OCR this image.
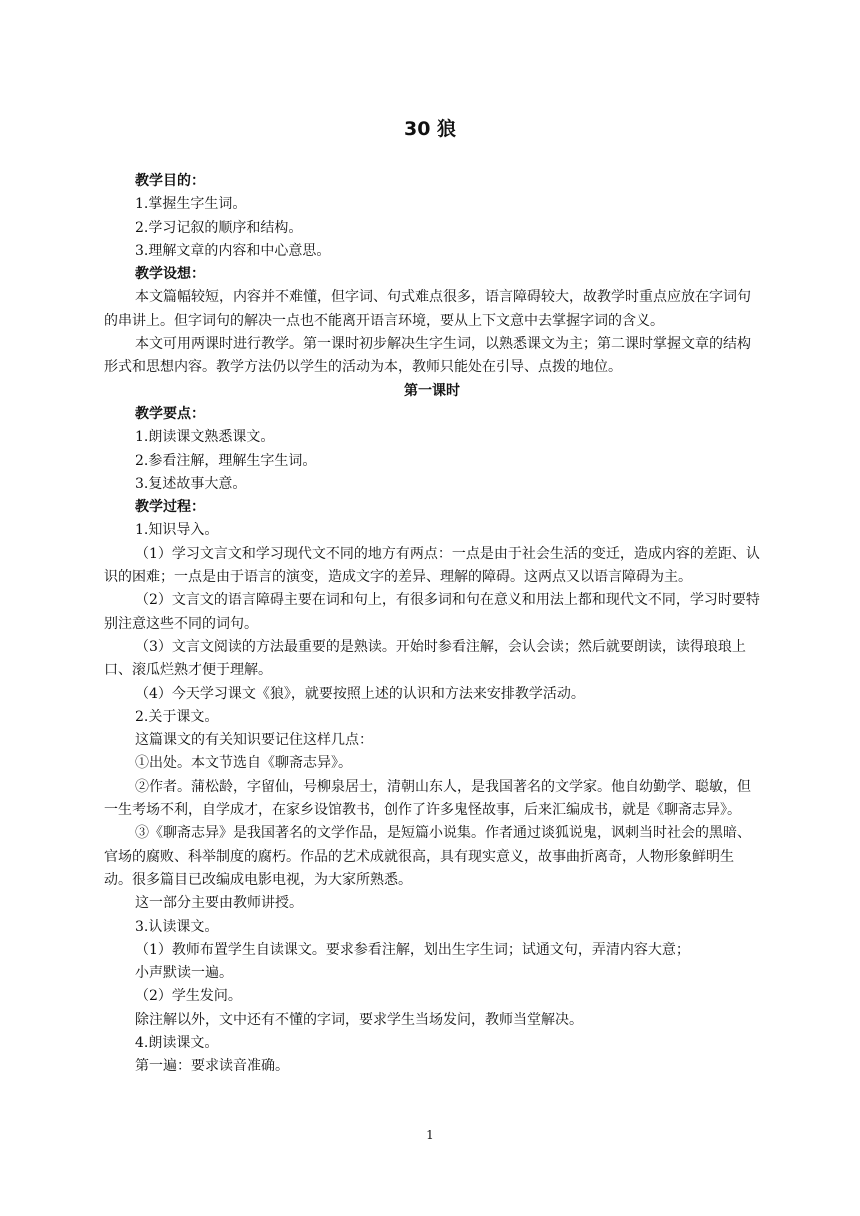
30 狼

教学目的：

1.掌握生字生词。

2.学习记叙的顺序和结构。

3.理解文章的内容和中心意思。

教学设想：

本文篇幅较短，内容并不难懂，但字词、句式难点很多，语言障碍较大，故教学时重点应放在字词句的串讲上。但字词句的解决一点也不能离开语言环境，要从上下文意中去掌握字词的含义。

本文可用两课时进行教学。第一课时初步解决生字生词，以熟悉课文为主；第二课时掌握文章的结构形式和思想内容。教学方法仍以学生的活动为本，教师只能处在引导、点拨的地位。

第一课时

教学要点：

1.朗读课文熟悉课文。

2.参看注解，理解生字生词。

3.复述故事大意。

教学过程：

1.知识导入。

（1）学习文言文和学习现代文不同的地方有两点：一点是由于社会生活的变迁，造成内容的差距、认识的困难；一点是由于语言的演变，造成文字的差异、理解的障碍。这两点又以语言障碍为主。

（2）文言文的语言障碍主要在词和句上，有很多词和句在意义和用法上都和现代文不同，学习时要特别注意这些不同的词句。

（3）文言文阅读的方法最重要的是熟读。开始时参看注解，会认会读；然后就要朗读，读得琅琅上口、滚瓜烂熟才便于理解。

（4）今天学习课文《狼》，就要按照上述的认识和方法来安排教学活动。

2.关于课文。

这篇课文的有关知识要记住这样几点：

①出处。本文节选自《聊斋志异》。

②作者。蒲松龄，字留仙，号柳泉居士，清朝山东人，是我国著名的文学家。他自幼勤学、聪敏，但一生考场不利，自学成才，在家乡设馆教书，创作了许多鬼怪故事，后来汇编成书，就是《聊斋志异》。

③《聊斋志异》是我国著名的文学作品，是短篇小说集。作者通过谈狐说鬼，讽刺当时社会的黑暗、官场的腐败、科举制度的腐朽。作品的艺术成就很高，具有现实意义，故事曲折离奇，人物形象鲜明生动。很多篇目已改编成电影电视，为大家所熟悉。

这一部分主要由教师讲授。

3.认读课文。

（1）教师布置学生自读课文。要求参看注解，划出生字生词；试通文句，弄清内容大意；

小声默读一遍。

（2）学生发问。

除注解以外，文中还有不懂的字词，要求学生当场发问，教师当堂解决。

4.朗读课文。

第一遍：要求读音准确。

1
